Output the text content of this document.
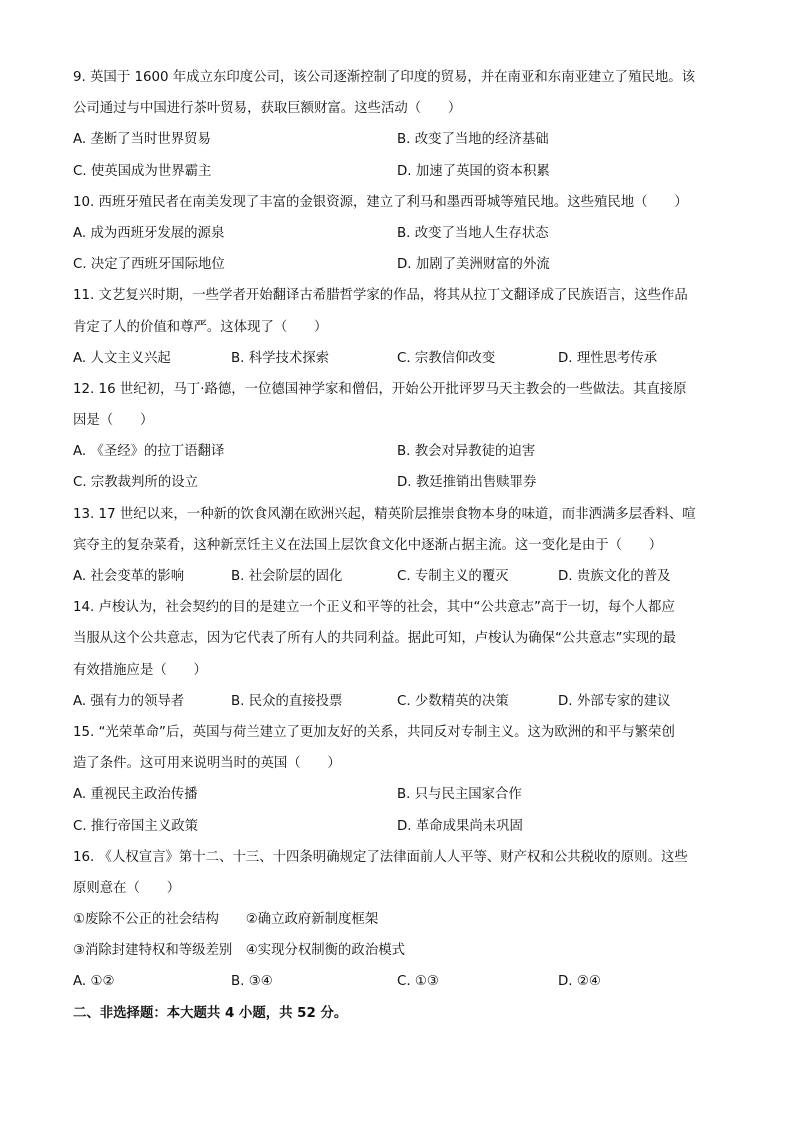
9. 英国于 1600 年成立东印度公司，该公司逐渐控制了印度的贸易，并在南亚和东南亚建立了殖民地。该
公司通过与中国进行茶叶贸易，获取巨额财富。这些活动（　　）
A. 垄断了当时世界贸易	B. 改变了当地的经济基础
C. 使英国成为世界霸主	D. 加速了英国的资本积累
10. 西班牙殖民者在南美发现了丰富的金银资源，建立了利马和墨西哥城等殖民地。这些殖民地（　　）
A. 成为西班牙发展的源泉	B. 改变了当地人生存状态
C. 决定了西班牙国际地位	D. 加剧了美洲财富的外流
11. 文艺复兴时期，一些学者开始翻译古希腊哲学家的作品，将其从拉丁文翻译成了民族语言，这些作品
肯定了人的价值和尊严。这体现了（　　）
A. 人文主义兴起	B. 科学技术探索	C. 宗教信仰改变	D. 理性思考传承
12. 16 世纪初，马丁·路德，一位德国神学家和僧侣，开始公开批评罗马天主教会的一些做法。其直接原
因是（　　）
A. 《圣经》的拉丁语翻译	B. 教会对异教徒的迫害
C. 宗教裁判所的设立	D. 教廷推销出售赎罪券
13. 17 世纪以来，一种新的饮食风潮在欧洲兴起，精英阶层推崇食物本身的味道，而非洒满多层香料、喧
宾夺主的复杂菜肴，这种新烹饪主义在法国上层饮食文化中逐渐占据主流。这一变化是由于（　　）
A. 社会变革的影响	B. 社会阶层的固化	C. 专制主义的覆灭	D. 贵族文化的普及
14. 卢梭认为，社会契约的目的是建立一个正义和平等的社会，其中“公共意志”高于一切，每个人都应
当服从这个公共意志，因为它代表了所有人的共同利益。据此可知，卢梭认为确保“公共意志”实现的最
有效措施应是（　　）
A. 强有力的领导者	B. 民众的直接投票	C. 少数精英的决策	D. 外部专家的建议
15. “光荣革命”后，英国与荷兰建立了更加友好的关系，共同反对专制主义。这为欧洲的和平与繁荣创
造了条件。这可用来说明当时的英国（　　）
A. 重视民主政治传播	B. 只与民主国家合作
C. 推行帝国主义政策	D. 革命成果尚未巩固
16. 《人权宣言》第十二、十三、十四条明确规定了法律面前人人平等、财产权和公共税收的原则。这些
原则意在（　　）
①废除不公正的社会结构　　②确立政府新制度框架
③消除封建特权和等级差别　④实现分权制衡的政治模式
A. ①②	B. ③④	C. ①③	D. ②④
二、非选择题：本大题共 4 小题，共 52 分。
